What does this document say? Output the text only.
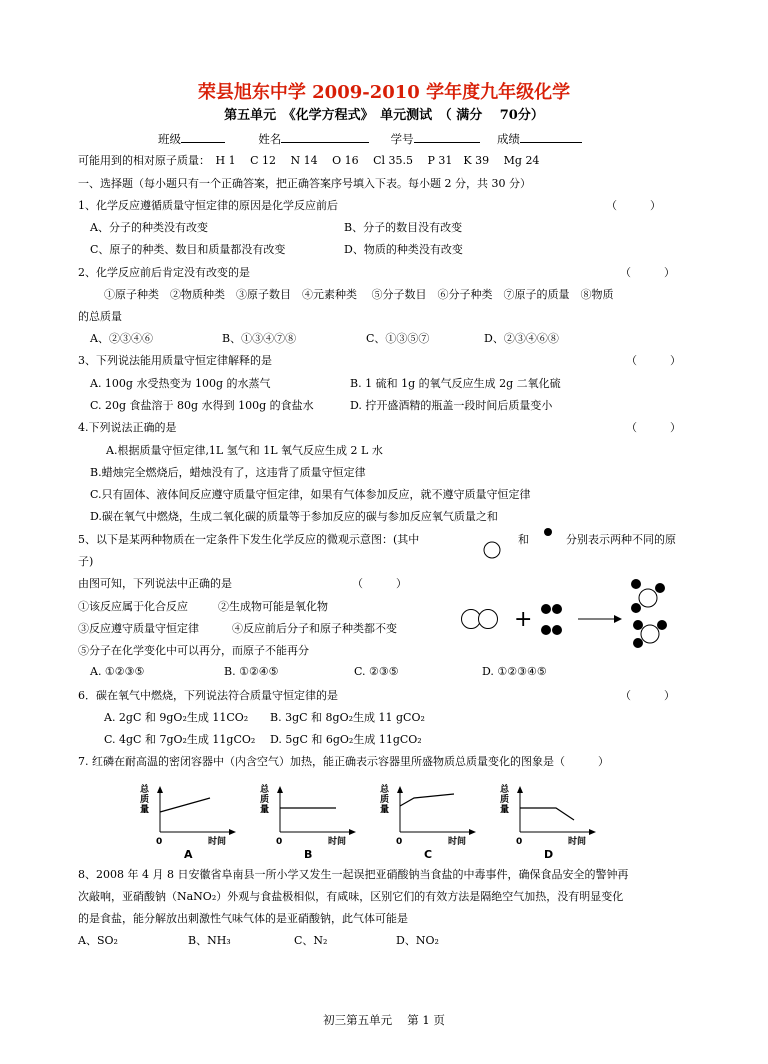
荣县旭东中学 2009-2010 学年度九年级化学
第五单元　《化学方程式》　单元测试　（ 满分　 70分）
班级	姓名	学号	成绩
可能用到的相对原子质量：　H 1　 C 12　 N 14　 O 16　 Cl 35.5　 P 31　K 39　 Mg 24
一、选择题（每小题只有一个正确答案，把正确答案序号填入下表。每小题 2 分，共 30 分）
1、化学反应遵循质量守恒定律的原因是化学反应前后	（　　　）
A、分子的种类没有改变	B、分子的数目没有改变
C、原子的种类、数目和质量都没有改变	D、物质的种类没有改变
2、化学反应前后肯定没有改变的是	（　　　）
①原子种类　②物质种类　③原子数目　④元素种类　 ⑤分子数目　⑥分子种类　⑦原子的质量　⑧物质
的总质量
A、②③④⑥	B、①③④⑦⑧	C、①③⑤⑦	D、②③④⑥⑧
3、下列说法能用质量守恒定律解释的是	（　　　）
A. 100g 水受热变为 100g 的水蒸气	B. 1 硫和 1g 的氧气反应生成 2g 二氧化硫
C. 20g 食盐溶于 80g 水得到 100g 的食盐水	D. 拧开盛酒精的瓶盖一段时间后质量变小
4.下列说法正确的是	（　　　）
A.根据质量守恒定律,1L 氢气和 1L 氧气反应生成 2 L 水
B.蜡烛完全燃烧后，蜡烛没有了，这违背了质量守恒定律
C.只有固体、液体间反应遵守质量守恒定律，如果有气体参加反应，就不遵守质量守恒定律
D.碳在氧气中燃烧，生成二氧化碳的质量等于参加反应的碳与参加反应氧气质量之和
5、以下是某两种物质在一定条件下发生化学反应的微观示意图：(其中	和	分别表示两种不同的原
子)
由图可知，下列说法中正确的是	（　　　）
①该反应属于化合反应	②生成物可能是氧化物
③反应遵守质量守恒定律	④反应前后分子和原子种类都不变
⑤分子在化学变化中可以再分，而原子不能再分
A. ①②③⑤	B. ①②④⑤	C. ②③⑤	D. ①②③④⑤
+
6．碳在氧气中燃烧，下列说法符合质量守恒定律的是	（　　　）
A. 2gC 和 9gO₂生成 11CO₂ B. 3gC 和 8gO₂生成 11 gCO₂
C. 4gC 和 7gO₂生成 11gCO₂ D. 5gC 和 6gO₂生成 11gCO₂
7. 红磷在耐高温的密闭容器中（内含空气）加热，能正确表示容器里所盛物质总质量变化的图象是（　　　）
总
质
量
0	时间
A
总
质
量
0	时间
B
总
质
量
0	时间
C
总
质
量
0	时间
D
8、2008 年 4 月 8 日安徽省阜南县一所小学又发生一起误把亚硝酸钠当食盐的中毒事件，确保食品安全的警钟再
次敲响，亚硝酸钠（NaNO₂）外观与食盐极相似，有咸味，区别它们的有效方法是隔绝空气加热，没有明显变化
的是食盐，能分解放出刺激性气味气体的是亚硝酸钠，此气体可能是
A、SO₂	B、NH₃	C、N₂	D、NO₂
初三第五单元　 第 1 页
